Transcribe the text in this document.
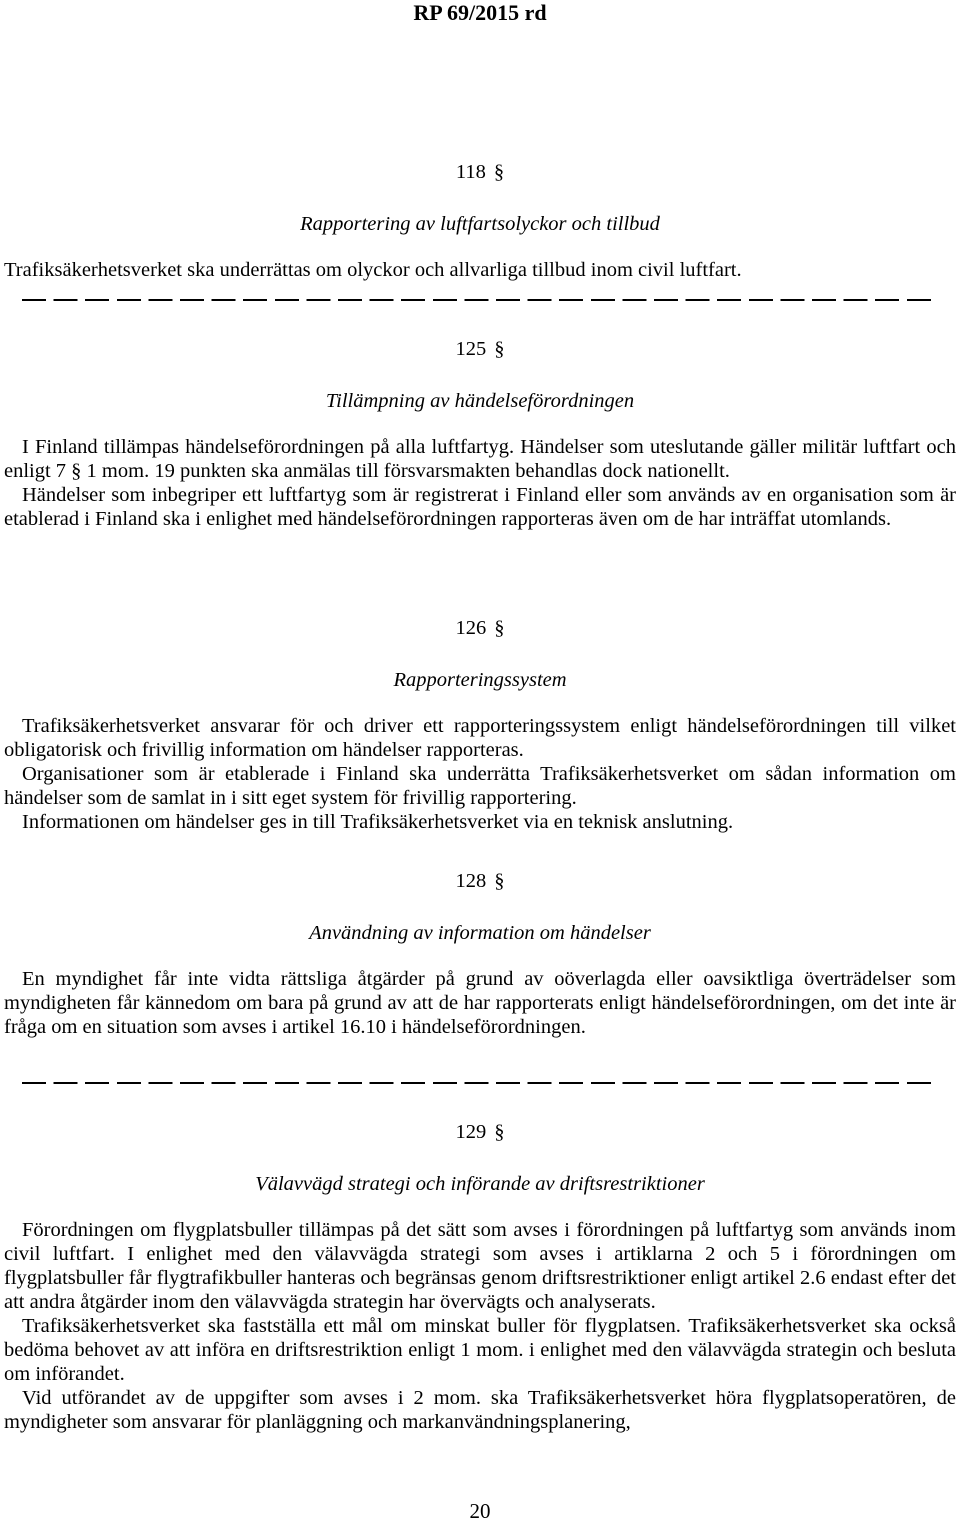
RP 69/2015 rd
118 §
Rapportering av luftfartsolyckor och tillbud

Trafiksäkerhetsverket ska underrättas om olyckor och allvarliga tillbud inom civil luftfart.

125 §
Tillämpning av händelseförordningen

I Finland tillämpas händelseförordningen på alla luftfartyg. Händelser som uteslutande gäller militär luftfart och enligt 7 § 1 mom. 19 punkten ska anmälas till försvarsmakten behandlas dock nationellt.

Händelser som inbegriper ett luftfartyg som är registrerat i Finland eller som används av en organisation som är etablerad i Finland ska i enlighet med händelseförordningen rapporteras även om de har inträffat utomlands.

126 §
Rapporteringssystem

Trafiksäkerhetsverket ansvarar för och driver ett rapporteringssystem enligt händelseförordningen till vilket obligatorisk och frivillig information om händelser rapporteras.

Organisationer som är etablerade i Finland ska underrätta Trafiksäkerhetsverket om sådan information om händelser som de samlat in i sitt eget system för frivillig rapportering.

Informationen om händelser ges in till Trafiksäkerhetsverket via en teknisk anslutning.

128 §
Användning av information om händelser

En myndighet får inte vidta rättsliga åtgärder på grund av oöverlagda eller oavsiktliga överträdelser som myndigheten får kännedom om bara på grund av att de har rapporterats enligt händelseförordningen, om det inte är fråga om en situation som avses i artikel 16.10 i händelseförordningen.

129 §
Välavvägd strategi och införande av driftsrestriktioner

Förordningen om flygplatsbuller tillämpas på det sätt som avses i förordningen på luftfartyg som används inom civil luftfart. I enlighet med den välavvägda strategi som avses i artiklarna 2 och 5 i förordningen om flygplatsbuller får flygtrafikbuller hanteras och begränsas genom driftsrestriktioner enligt artikel 2.6 endast efter det att andra åtgärder inom den välavvägda strategin har övervägts och analyserats.

Trafiksäkerhetsverket ska fastställa ett mål om minskat buller för flygplatsen. Trafiksäkerhetsverket ska också bedöma behovet av att införa en driftsrestriktion enligt 1 mom. i enlighet med den välavvägda strategin och besluta om införandet.

Vid utförandet av de uppgifter som avses i 2 mom. ska Trafiksäkerhetsverket höra flygplatsoperatören, de myndigheter som ansvarar för planläggning och markanvändningsplanering,

20
